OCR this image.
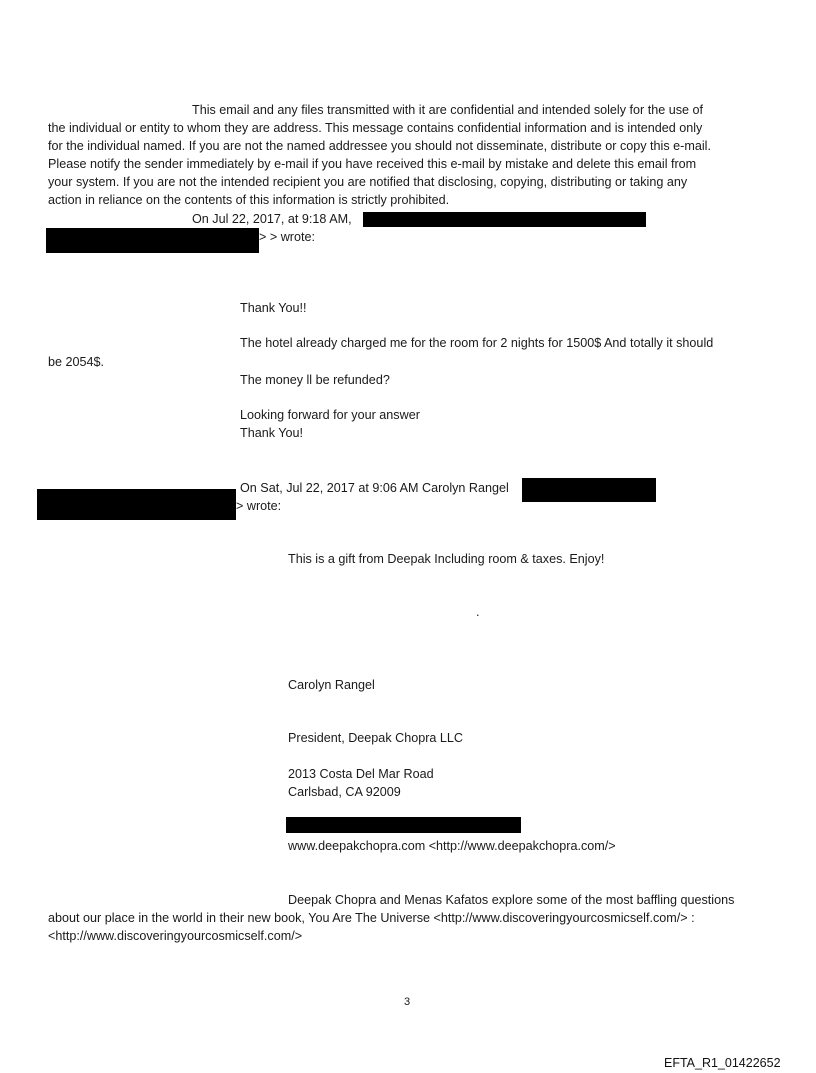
This email and any files transmitted with it are confidential and intended solely for the use of
the individual or entity to whom they are address. This message contains confidential information and is intended only
for the individual named. If you are not the named addressee you should not disseminate, distribute or copy this e-mail.
Please notify the sender immediately by e-mail if you have received this e-mail by mistake and delete this email from
your system. If you are not the intended recipient you are notified that disclosing, copying, distributing or taking any
action in reliance on the contents of this information is strictly prohibited.
On Jul 22, 2017, at 9:18 AM,
> > wrote:
Thank You!!
The hotel already charged me for the room for 2 nights for 1500$ And totally it should
be 2054$.
The money ll be refunded?
Looking forward for your answer
Thank You!
On Sat, Jul 22, 2017 at 9:06 AM Carolyn Rangel
> wrote:
This is a gift from Deepak Including room & taxes. Enjoy!
.
Carolyn Rangel
President, Deepak Chopra LLC
2013 Costa Del Mar Road
Carlsbad, CA 92009
www.deepakchopra.com <http://www.deepakchopra.com/>
Deepak Chopra and Menas Kafatos explore some of the most baffling questions
about our place in the world in their new book, You Are The Universe <http://www.discoveringyourcosmicself.com/> :
<http://www.discoveringyourcosmicself.com/>
3
EFTA_R1_01422652
